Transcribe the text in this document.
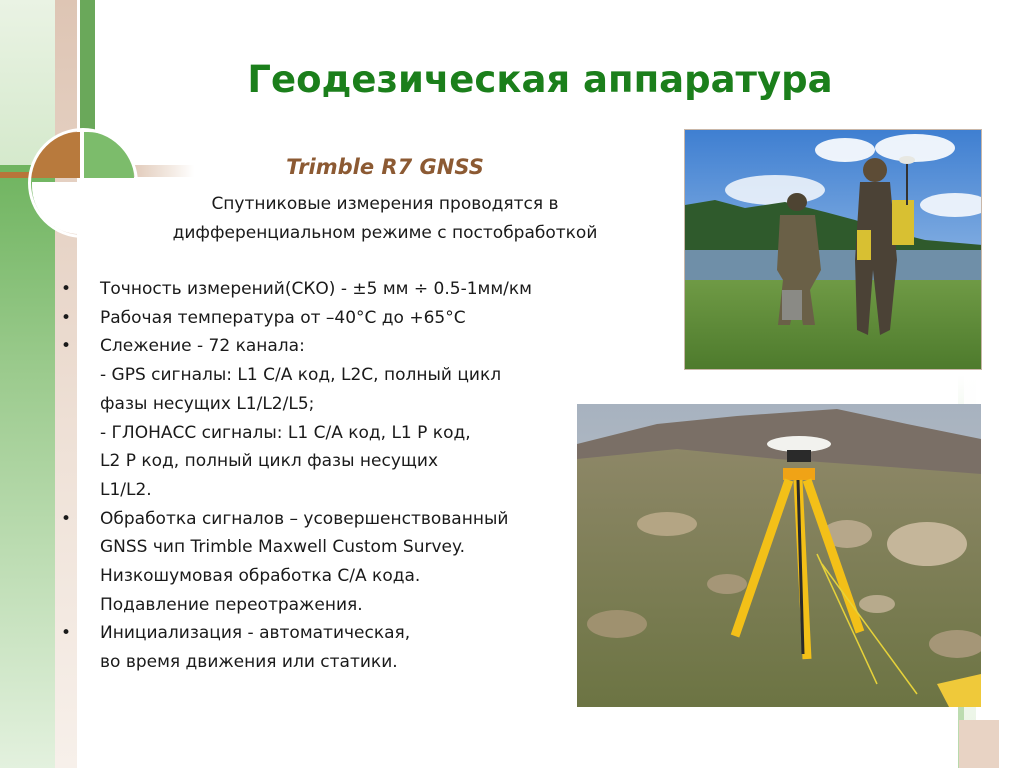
Геодезическая аппаратура
Trimble R7 GNSS
Спутниковые измерения проводятся в
дифференциальном режиме с постобработкой
• Точность измерений(СКО) - ±5 мм ÷ 0.5-1мм/км
• Рабочая температура от –40°C до +65°C
• Слежение - 72 канала:
- GPS сигналы: L1 C/A код, L2C, полный цикл
фазы несущих L1/L2/L5;
- ГЛОНАСС сигналы: L1 C/A код, L1 P код,
L2 P код, полный цикл фазы несущих
L1/L2.
• Обработка сигналов – усовершенствованный
GNSS чип Trimble Maxwell Custom Survey.
Низкошумовая обработка C/A кода.
Подавление переотражения.
• Инициализация - автоматическая,
во время движения или статики.
